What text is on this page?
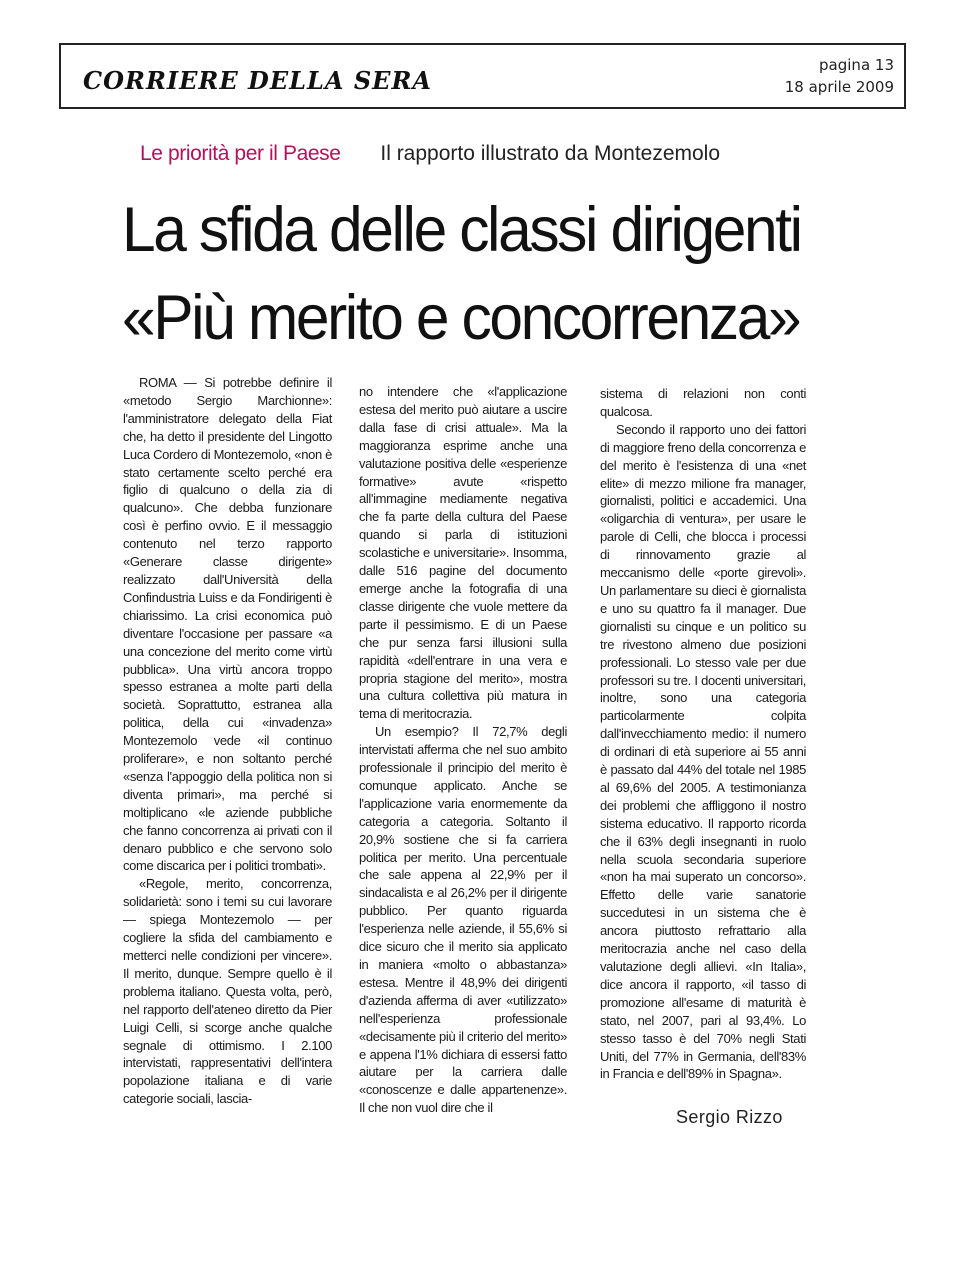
CORRIERE DELLA SERA
pagina 13
18 aprile 2009
Le priorità per il Paese Il rapporto illustrato da Montezemolo
La sfida delle classi dirigenti
«Più merito e concorrenza»

ROMA — Si potrebbe definire il «metodo Sergio Marchionne»: l'amministratore delegato della Fiat che, ha detto il presidente del Lingotto Luca Cordero di Montezemolo, «non è stato certamente scelto perché era figlio di qualcuno o della zia di qualcuno». Che debba funzionare così è perfino ovvio. E il messaggio contenuto nel terzo rapporto «Generare classe dirigente» realizzato dall'Università della Confindustria Luiss e da Fondirigenti è chiarissimo. La crisi economica può diventare l'occasione per passare «a una concezione del merito come virtù pubblica». Una virtù ancora troppo spesso estranea a molte parti della società. Soprattutto, estranea alla politica, della cui «invadenza» Montezemolo vede «il continuo proliferare», e non soltanto perché «senza l'appoggio della politica non si diventa primari», ma perché si moltiplicano «le aziende pubbliche che fanno concorrenza ai privati con il denaro pubblico e che servono solo come discarica per i politici trombati».

«Regole, merito, concorrenza, solidarietà: sono i temi su cui lavorare — spiega Montezemolo — per cogliere la sfida del cambiamento e metterci nelle condizioni per vincere». Il merito, dunque. Sempre quello è il problema italiano. Questa volta, però, nel rapporto dell'ateneo diretto da Pier Luigi Celli, si scorge anche qualche segnale di ottimismo. I 2.100 intervistati, rappresentativi dell'intera popolazione italiana e di varie categorie sociali, lascia-

no intendere che «l'applicazione estesa del merito può aiutare a uscire dalla fase di crisi attuale». Ma la maggioranza esprime anche una valutazione positiva delle «esperienze formative» avute «rispetto all'immagine mediamente negativa che fa parte della cultura del Paese quando si parla di istituzioni scolastiche e universitarie». Insomma, dalle 516 pagine del documento emerge anche la fotografia di una classe dirigente che vuole mettere da parte il pessimismo. E di un Paese che pur senza farsi illusioni sulla rapidità «dell'entrare in una vera e propria stagione del merito», mostra una cultura collettiva più matura in tema di meritocrazia.

Un esempio? Il 72,7% degli intervistati afferma che nel suo ambito professionale il principio del merito è comunque applicato. Anche se l'applicazione varia enormemente da categoria a categoria. Soltanto il 20,9% sostiene che si fa carriera politica per merito. Una percentuale che sale appena al 22,9% per il sindacalista e al 26,2% per il dirigente pubblico. Per quanto riguarda l'esperienza nelle aziende, il 55,6% si dice sicuro che il merito sia applicato in maniera «molto o abbastanza» estesa. Mentre il 48,9% dei dirigenti d'azienda afferma di aver «utilizzato» nell'esperienza professionale «decisamente più il criterio del merito» e appena l'1% dichiara di essersi fatto aiutare per la carriera dalle «conoscenze e dalle appartenenze». Il che non vuol dire che il

sistema di relazioni non conti qualcosa.

Secondo il rapporto uno dei fattori di maggiore freno della concorrenza e del merito è l'esistenza di una «net elite» di mezzo milione fra manager, giornalisti, politici e accademici. Una «oligarchia di ventura», per usare le parole di Celli, che blocca i processi di rinnovamento grazie al meccanismo delle «porte girevoli». Un parlamentare su dieci è giornalista e uno su quattro fa il manager. Due giornalisti su cinque e un politico su tre rivestono almeno due posizioni professionali. Lo stesso vale per due professori su tre. I docenti universitari, inoltre, sono una categoria particolarmente colpita dall'invecchiamento medio: il numero di ordinari di età superiore ai 55 anni è passato dal 44% del totale nel 1985 al 69,6% del 2005. A testimonianza dei problemi che affliggono il nostro sistema educativo. Il rapporto ricorda che il 63% degli insegnanti in ruolo nella scuola secondaria superiore «non ha mai superato un concorso». Effetto delle varie sanatorie succedutesi in un sistema che è ancora piuttosto refrattario alla meritocrazia anche nel caso della valutazione degli allievi. «In Italia», dice ancora il rapporto, «il tasso di promozione all'esame di maturità è stato, nel 2007, pari al 93,4%. Lo stesso tasso è del 70% negli Stati Uniti, del 77% in Germania, dell'83% in Francia e dell'89% in Spagna».

Sergio Rizzo
